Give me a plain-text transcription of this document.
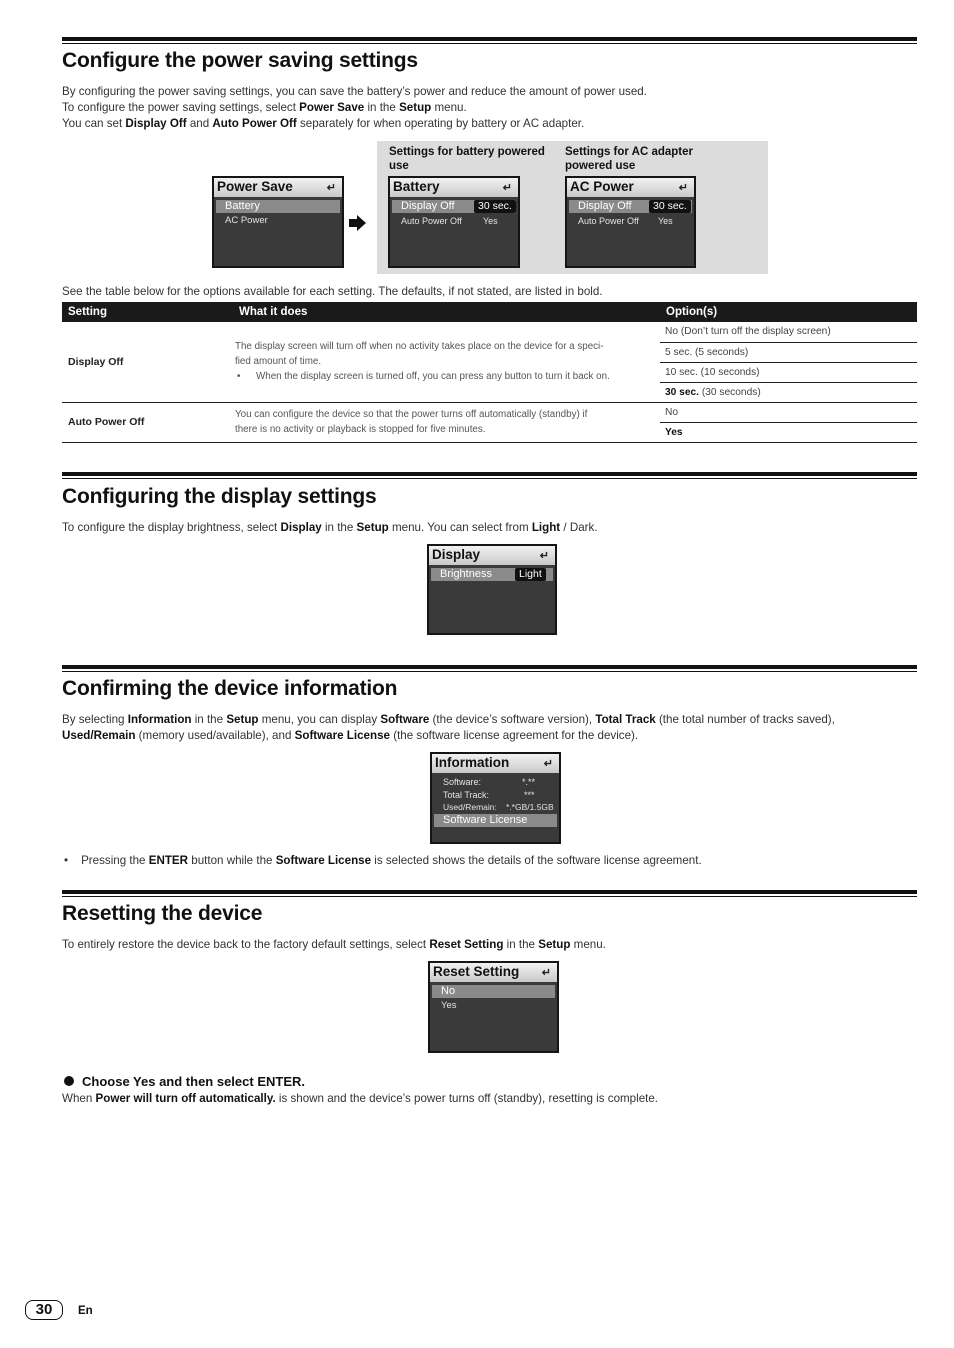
Configure the power saving settings
By configuring the power saving settings, you can save the battery’s power and reduce the amount of power used.
To configure the power saving settings, select Power Save in the Setup menu.
You can set Display Off and Auto Power Off separately for when operating by battery or AC adapter.
Settings for battery powered use
Settings for AC adapter powered use
Power Save	↵
Battery
AC Power
Battery	↵
Display Off	30 sec.
Auto Power Off Yes
AC Power	↵
Display Off	30 sec.
Auto Power Off Yes
See the table below for the options available for each setting. The defaults, if not stated, are listed in bold.
Setting	What it does	Option(s)
Display Off	The display screen will turn off when no activity takes place on the device for a speci-
fied amount of time.
• When the display screen is turned off, you can press any button to turn it back on.	No (Don’t turn off the display screen)
		5 sec. (5 seconds)
		10 sec. (10 seconds)
		30 sec. (30 seconds)
Auto Power Off	You can configure the device so that the power turns off automatically (standby) if
there is no activity or playback is stopped for five minutes.	No
		Yes
Configuring the display settings
To configure the display brightness, select Display in the Setup menu. You can select from Light / Dark.
Display	↵
Brightness	Light
Confirming the device information
By selecting Information in the Setup menu, you can display Software (the device’s software version), Total Track (the total number of tracks saved),
Used/Remain (memory used/available), and Software License (the software license agreement for the device).
Information	↵
Software:	*.**
Total Track:	***
Used/Remain: *.*GB/1.5GB
Software License
• Pressing the ENTER button while the Software License is selected shows the details of the software license agreement.
Resetting the device
To entirely restore the device back to the factory default settings, select Reset Setting in the Setup menu.
Reset Setting ↵
No
Yes
Choose Yes and then select ENTER.
When Power will turn off automatically. is shown and the device’s power turns off (standby), resetting is complete.
30	En
